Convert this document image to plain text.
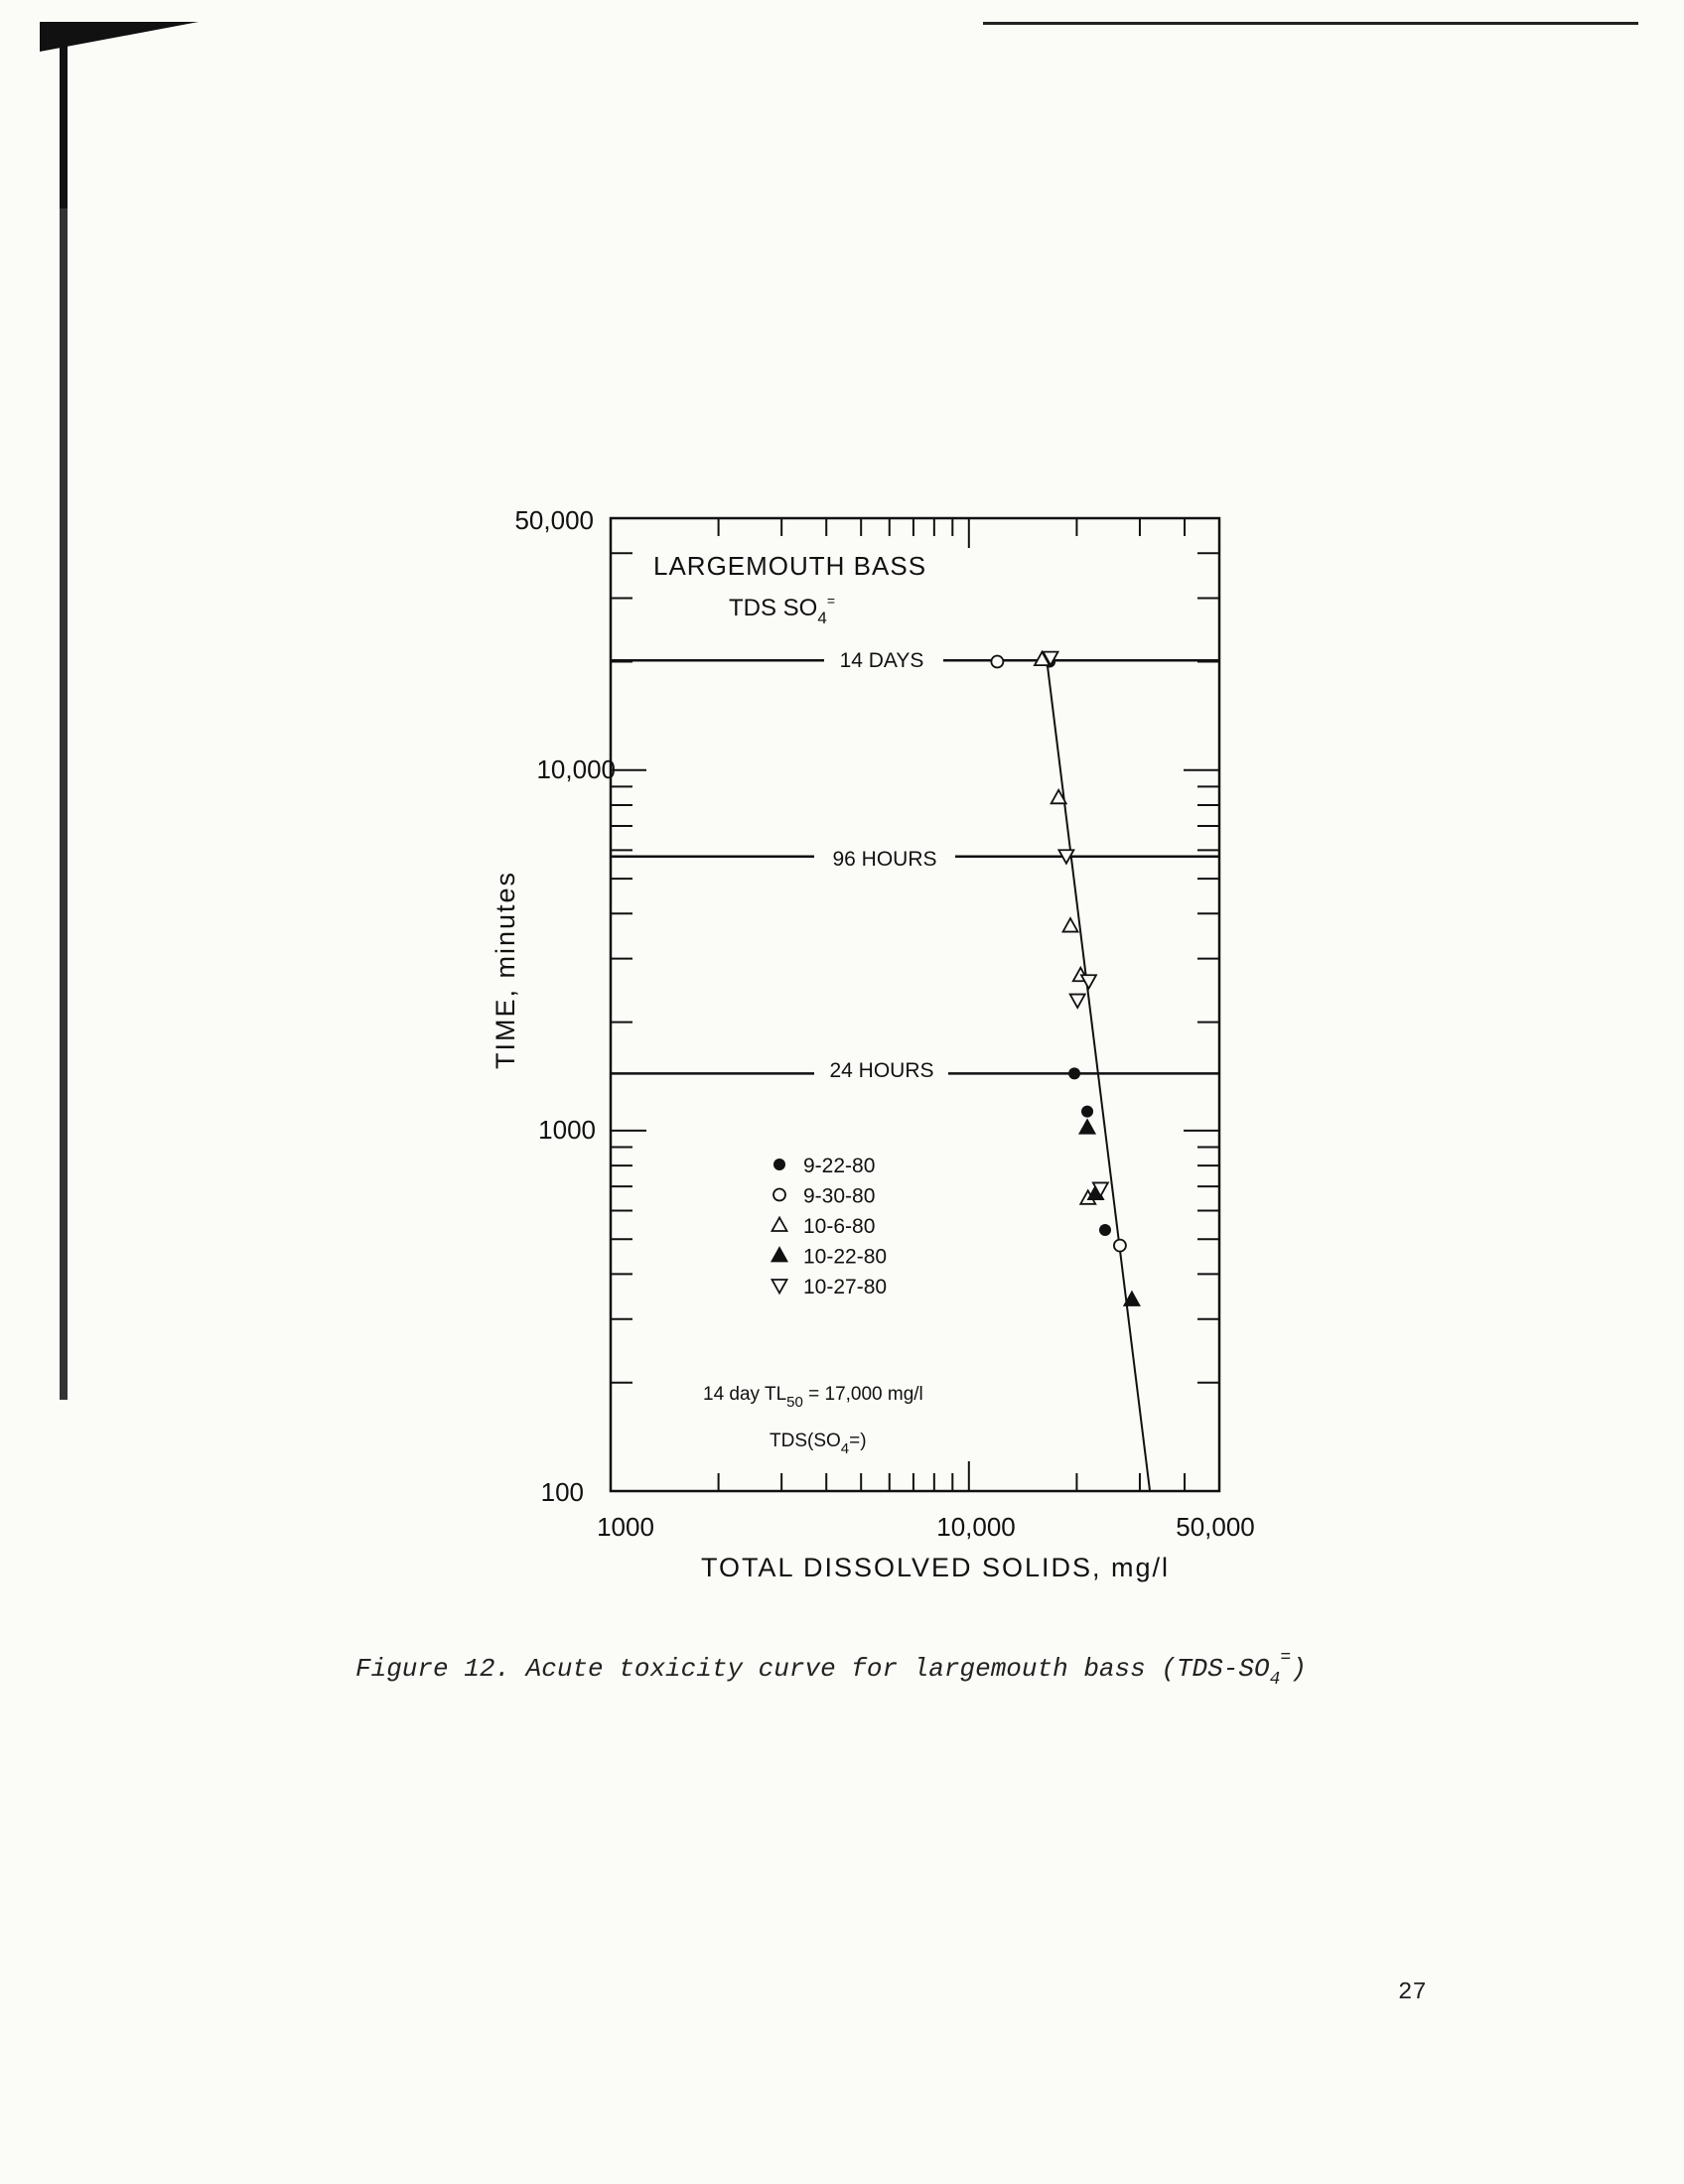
9-22-80
9-30-80
10-6-80
10-22-80
10-27-80
50,000
10,000
1000
100
1000	10,000	50,000
TOTAL DISSOLVED SOLIDS, mg/l
TIME, minutes
LARGEMOUTH BASS
TDS $SO_4^=$
14 DAYS
96 HOURS
24 HOURS
14 day $TL_{50} = 17,000$ mg/l
$TDS(SO_4=)$
Figure 12. Acute toxicity curve for largemouth bass $(TDS-SO_4^=)$
27
